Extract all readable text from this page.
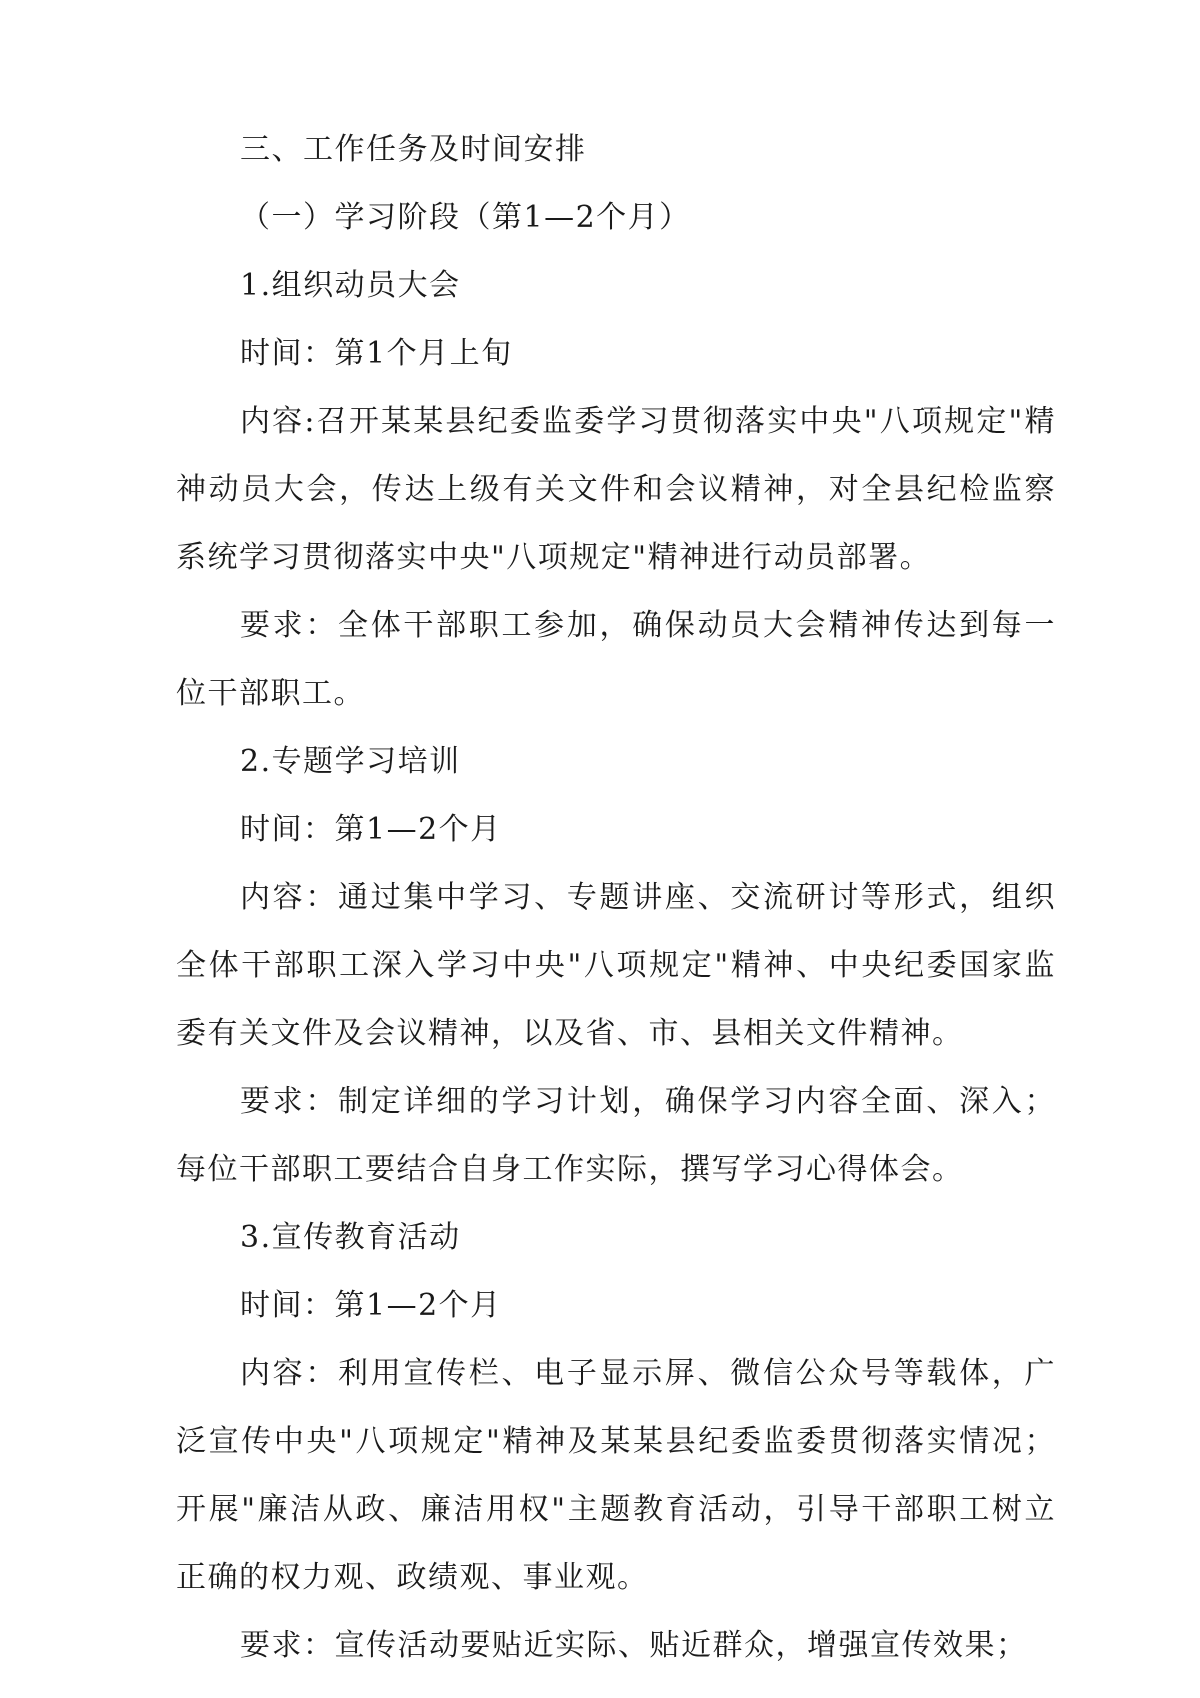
三、工作任务及时间安排

（一）学习阶段（第1—2个月）

1.组织动员大会

时间：第1个月上旬

内容:召开某某县纪委监委学习贯彻落实中央"八项规定"精神动员大会，传达上级有关文件和会议精神，对全县纪检监察系统学习贯彻落实中央"八项规定"精神进行动员部署。

要求：全体干部职工参加，确保动员大会精神传达到每一位干部职工。

2.专题学习培训

时间：第1—2个月

内容：通过集中学习、专题讲座、交流研讨等形式，组织全体干部职工深入学习中央"八项规定"精神、中央纪委国家监委有关文件及会议精神，以及省、市、县相关文件精神。

要求：制定详细的学习计划，确保学习内容全面、深入；每位干部职工要结合自身工作实际，撰写学习心得体会。

3.宣传教育活动

时间：第1—2个月

内容：利用宣传栏、电子显示屏、微信公众号等载体，广泛宣传中央"八项规定"精神及某某县纪委监委贯彻落实情况；开展"廉洁从政、廉洁用权"主题教育活动，引导干部职工树立正确的权力观、政绩观、事业观。

要求：宣传活动要贴近实际、贴近群众，增强宣传效果；
